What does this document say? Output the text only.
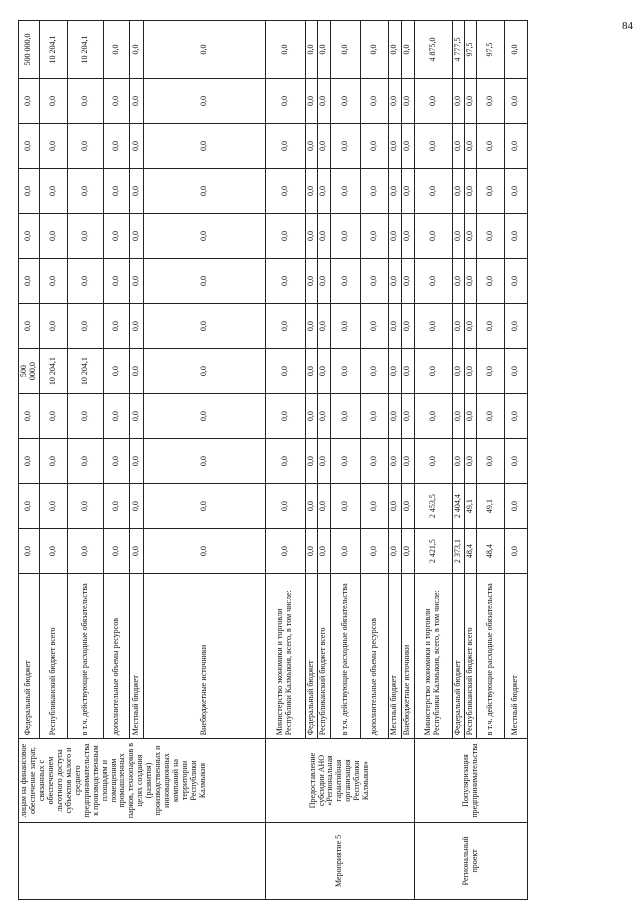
84
	лицам на финансовое обеспечение затрат, связанных с обеспечением льготного доступа субъектов малого и среднего предпринимательства к производственным площадям и помещениям промышленных парков, технопарков в целях создания (развития) производственных и инновационных компаний на территории Республики Калмыкия	Федеральный бюджет	0,0	0,0	0,0	0,0	500 000,0	0,0	0,0	0,0	0,0	0,0	0,0	500 000,0
		Республиканский бюджет всего	0,0	0,0	0,0	0,0	10 204,1	0,0	0,0	0,0	0,0	0,0	0,0	10 204,1
		в т.ч. действующие расходные обязательства	0,0	0,0	0,0	0,0	10 204,1	0,0	0,0	0,0	0,0	0,0	0,0	10 204,1
		дополнительные объемы ресурсов	0,0	0,0	0,0	0,0	0,0	0,0	0,0	0,0	0,0	0,0	0,0	0,0
		Местный бюджет	0,0	0,0	0,0	0,0	0,0	0,0	0,0	0,0	0,0	0,0	0,0	0,0
		Внебюджетные источники	0,0	0,0	0,0	0,0	0,0	0,0	0,0	0,0	0,0	0,0	0,0	0,0
Мероприятие 5	Предоставление субсидии АНО «Региональная гарантийная организация Республики Калмыкия»	Министерство экономики и торговли Республики Калмыкия, всего, в том числе:	0,0	0,0	0,0	0,0	0,0	0,0	0,0	0,0	0,0	0,0	0,0	0,0
		Федеральный бюджет	0,0	0,0	0,0	0,0	0,0	0,0	0,0	0,0	0,0	0,0	0,0	0,0
		Республиканский бюджет всего	0,0	0,0	0,0	0,0	0,0	0,0	0,0	0,0	0,0	0,0	0,0	0,0
		в т.ч. действующие расходные обязательства	0,0	0,0	0,0	0,0	0,0	0,0	0,0	0,0	0,0	0,0	0,0	0,0
		дополнительные объемы ресурсов	0,0	0,0	0,0	0,0	0,0	0,0	0,0	0,0	0,0	0,0	0,0	0,0
		Местный бюджет	0,0	0,0	0,0	0,0	0,0	0,0	0,0	0,0	0,0	0,0	0,0	0,0
		Внебюджетные источники	0,0	0,0	0,0	0,0	0,0	0,0	0,0	0,0	0,0	0,0	0,0	0,0
Региональный проект	Популяризация предпринимательства	Министерство экономики и торговли Республики Калмыкия, всего, в том числе:	2 421,5	2 453,5	0,0	0,0	0,0	0,0	0,0	0,0	0,0	0,0	0,0	4 875,0
		Федеральный бюджет	2 373,1	2 404,4	0,0	0,0	0,0	0,0	0,0	0,0	0,0	0,0	0,0	4 777,5
		Республиканский бюджет всего	48,4	49,1	0,0	0,0	0,0	0,0	0,0	0,0	0,0	0,0	0,0	97,5
		в т.ч. действующие расходные обязательства	48,4	49,1	0,0	0,0	0,0	0,0	0,0	0,0	0,0	0,0	0,0	97,5
		Местный бюджет	0,0	0,0	0,0	0,0	0,0	0,0	0,0	0,0	0,0	0,0	0,0	0,0
